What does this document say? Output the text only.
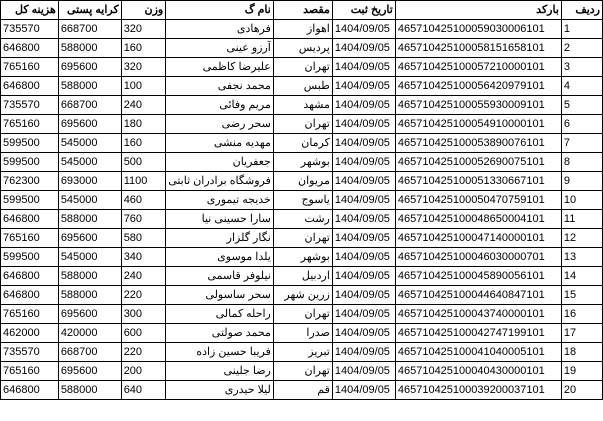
هزینه کل	کرایه پستی	وزن	نام گ	مقصد	تاریخ ثبت	بارکد	ردیف
735570	668700	320	فرهادی	اهواز	1404/09/05	465710425100059030006101	1
646800	588000	160	آرزو عینی	پردیس	1404/09/05	465710425100058151658101	2
765160	695600	320	علیرضا کاظمی	تهران	1404/09/05	465710425100057210000101	3
646800	588000	100	محمد نجفی	طبس	1404/09/05	465710425100056420979101	4
735570	668700	240	مریم وفائی	مشهد	1404/09/05	465710425100055930009101	5
765160	695600	180	سحر رضی	تهران	1404/09/05	465710425100054910000101	6
599500	545000	160	مهدیه منشی	کرمان	1404/09/05	465710425100053890076101	7
599500	545000	500	جعفریان	بوشهر	1404/09/05	465710425100052690075101	8
762300	693000	1100	فروشگاه برادران ثابتی	مریوان	1404/09/05	465710425100051330667101	9
599500	545000	460	خدیجه تیموری	یاسوج	1404/09/05	465710425100050470759101	10
646800	588000	760	سارا حسینی نیا	رشت	1404/09/05	465710425100048650004101	11
765160	695600	580	نگار گلزار	تهران	1404/09/05	465710425100047140000101	12
599500	545000	340	یلدا موسوی	بوشهر	1404/09/05	465710425100046030000701	13
646800	588000	240	نیلوفر قاسمی	اردبیل	1404/09/05	465710425100045890056101	14
646800	588000	220	سحر ساسولی	زرین شهر	1404/09/05	465710425100044640847101	15
765160	695600	300	راحله کمالی	تهران	1404/09/05	465710425100043740000101	16
462000	420000	600	محمد صولتی	صدرا	1404/09/05	465710425100042747199101	17
735570	668700	220	فریبا حسین زاده	تبریز	1404/09/05	465710425100041040005101	18
765160	695600	200	رضا جلینی	تهران	1404/09/05	465710425100040430000101	19
646800	588000	640	لیلا حیدری	قم	1404/09/05	465710425100039200037101	20
